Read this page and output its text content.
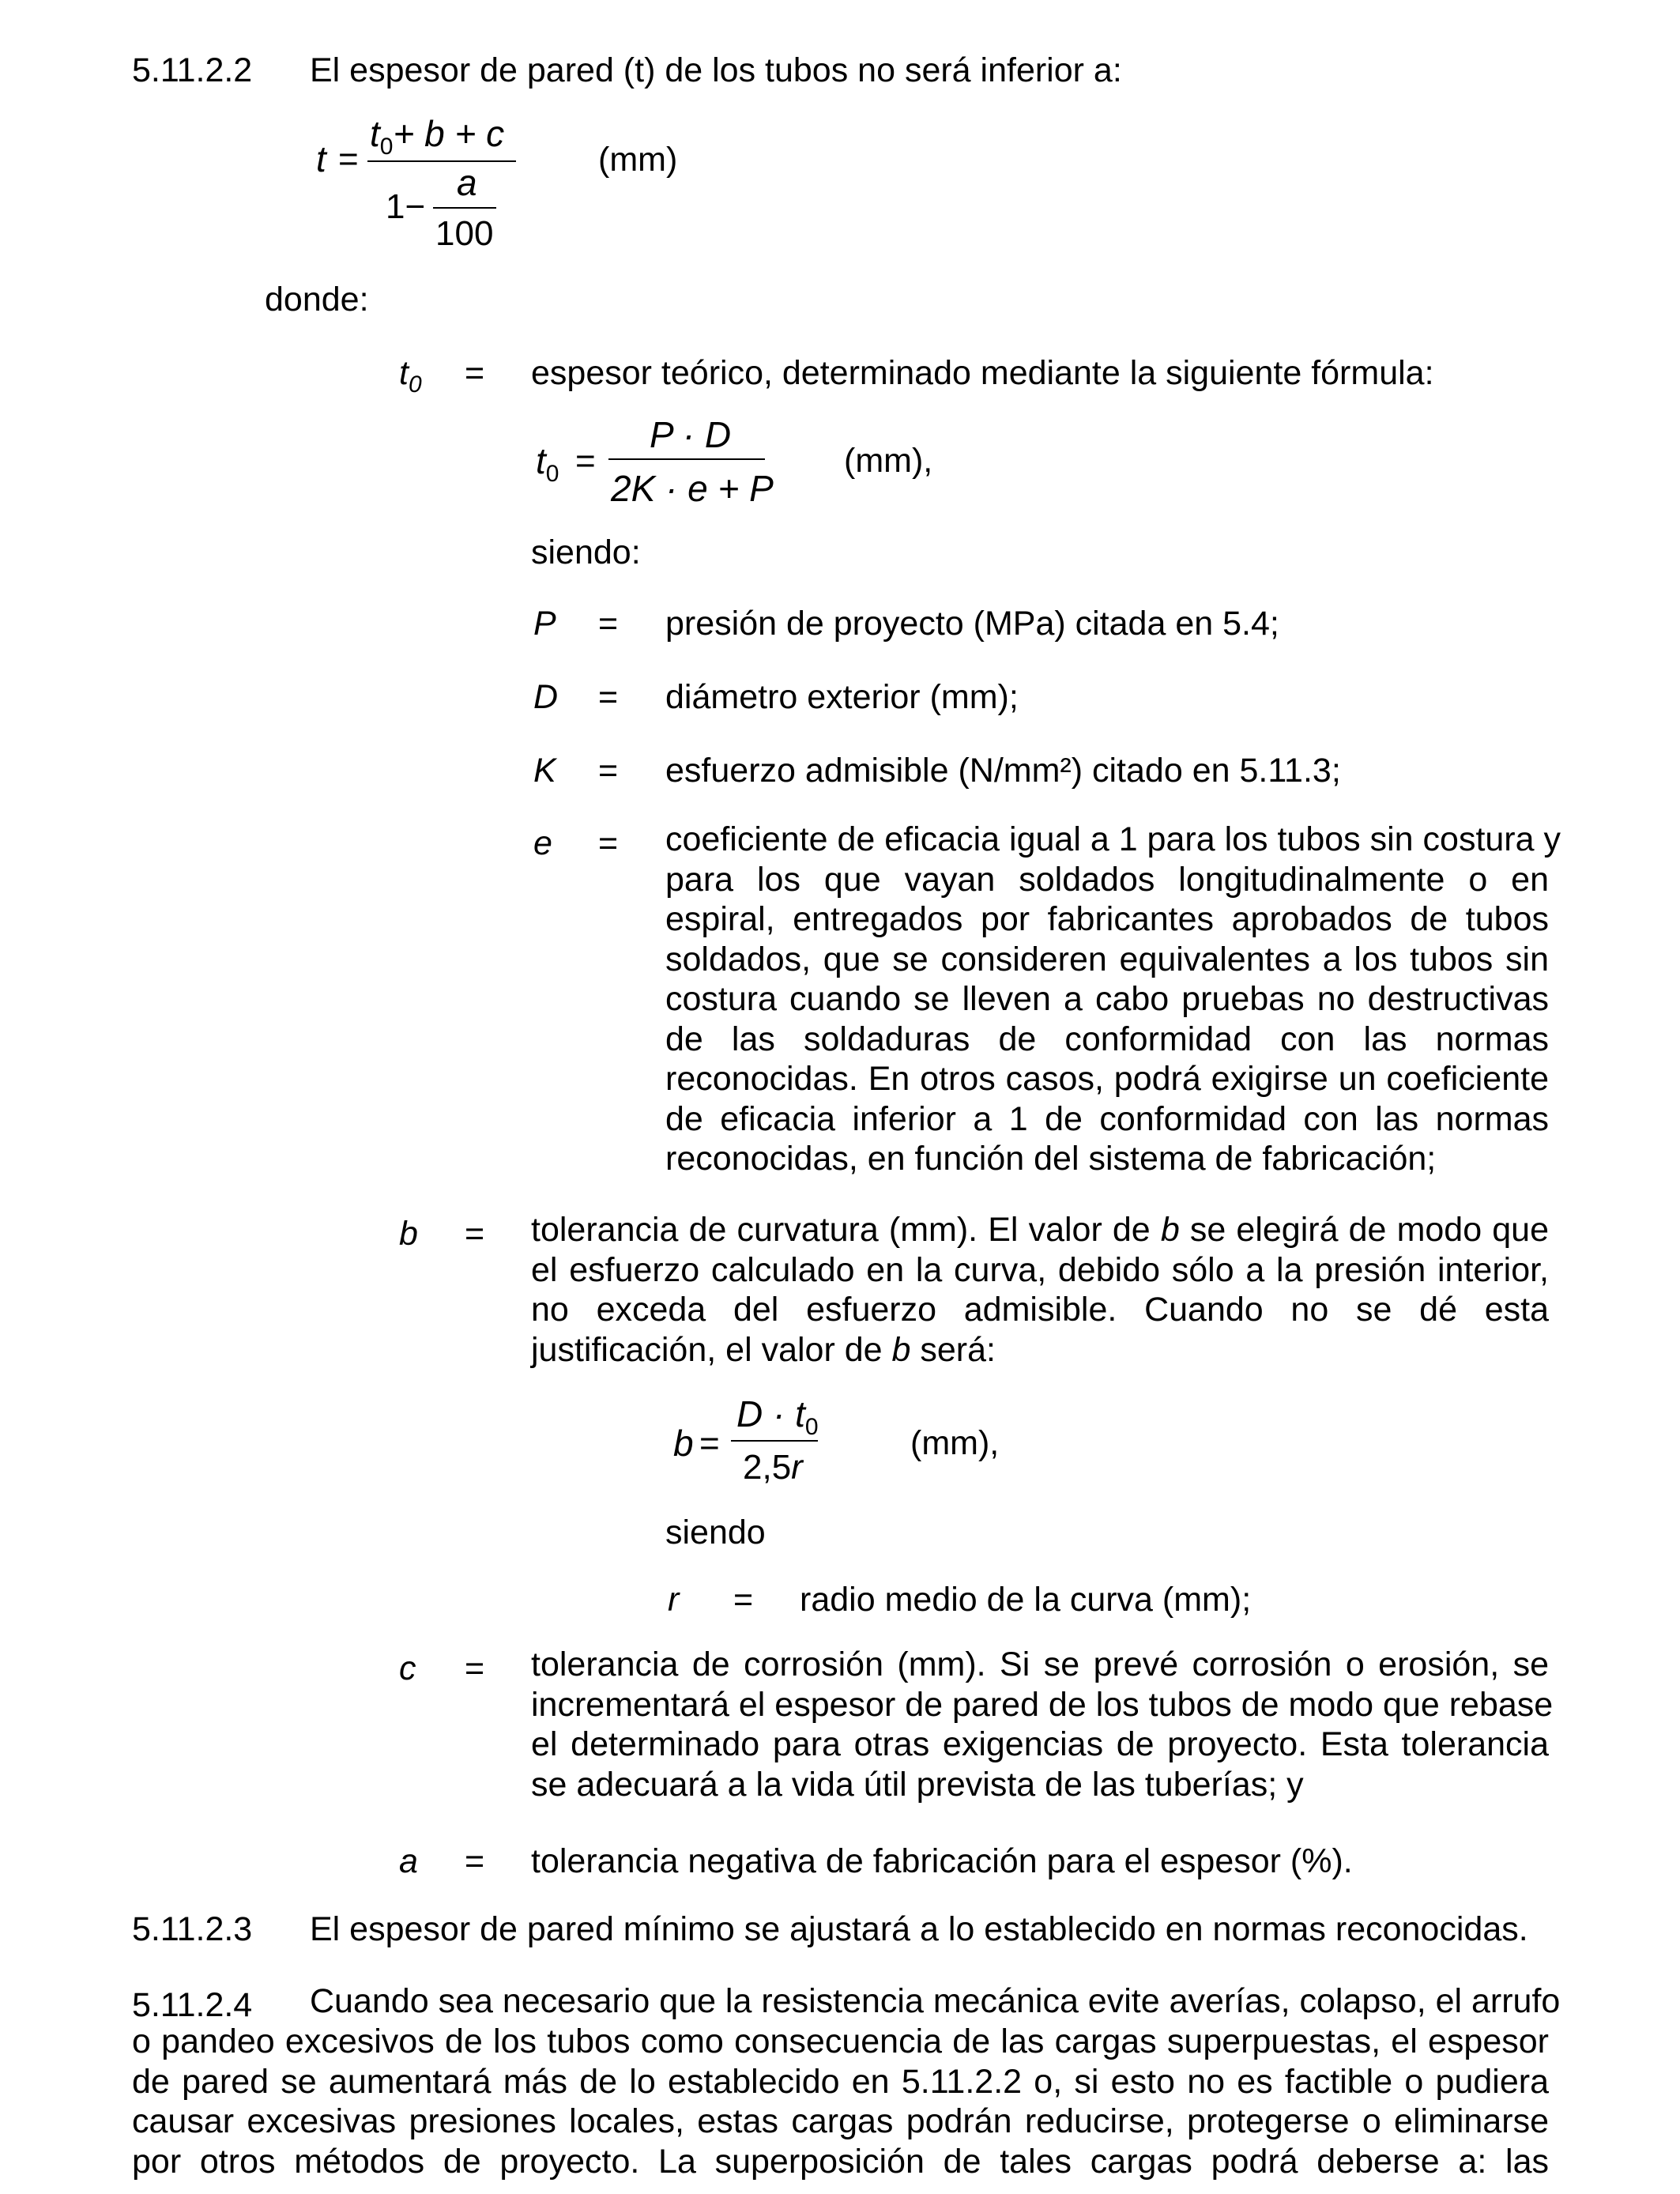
5.11.2.2 El espesor de pared (t) de los tubos no será inferior a:
t =
$t_0+ b + c$
1−
a
100
(mm)
donde:
$t_0$ = espesor teórico, determinado mediante la siguiente fórmula:
$t_0$ =
P · D
2K · e + P
(mm),
siendo:
P = presión de proyecto (MPa) citada en 5.4;
D = diámetro exterior (mm);
K = esfuerzo admisible (N/mm²) citado en 5.11.3;
e = coeficiente de eficacia igual a 1 para los tubos sin costura y
para los que vayan soldados longitudinalmente o en
espiral, entregados por fabricantes aprobados de tubos
soldados, que se consideren equivalentes a los tubos sin
costura cuando se lleven a cabo pruebas no destructivas
de las soldaduras de conformidad con las normas
reconocidas. En otros casos, podrá exigirse un coeficiente
de eficacia inferior a 1 de conformidad con las normas
reconocidas, en función del sistema de fabricación;
b = tolerancia de curvatura (mm). El valor de b se elegirá de modo que
el esfuerzo calculado en la curva, debido sólo a la presión interior,
no exceda del esfuerzo admisible. Cuando no se dé esta
justificación, el valor de b será:
b =
$D \cdot t_0$
2,5r
(mm),
siendo
r = radio medio de la curva (mm);
c = tolerancia de corrosión (mm). Si se prevé corrosión o erosión, se
incrementará el espesor de pared de los tubos de modo que rebase
el determinado para otras exigencias de proyecto. Esta tolerancia
se adecuará a la vida útil prevista de las tuberías; y
a = tolerancia negativa de fabricación para el espesor (%).
5.11.2.3 El espesor de pared mínimo se ajustará a lo establecido en normas reconocidas.
5.11.2.4 Cuando sea necesario que la resistencia mecánica evite averías, colapso, el arrufo
o pandeo excesivos de los tubos como consecuencia de las cargas superpuestas, el espesor
de pared se aumentará más de lo establecido en 5.11.2.2 o, si esto no es factible o pudiera
causar excesivas presiones locales, estas cargas podrán reducirse, protegerse o eliminarse
por otros métodos de proyecto. La superposición de tales cargas podrá deberse a: las
